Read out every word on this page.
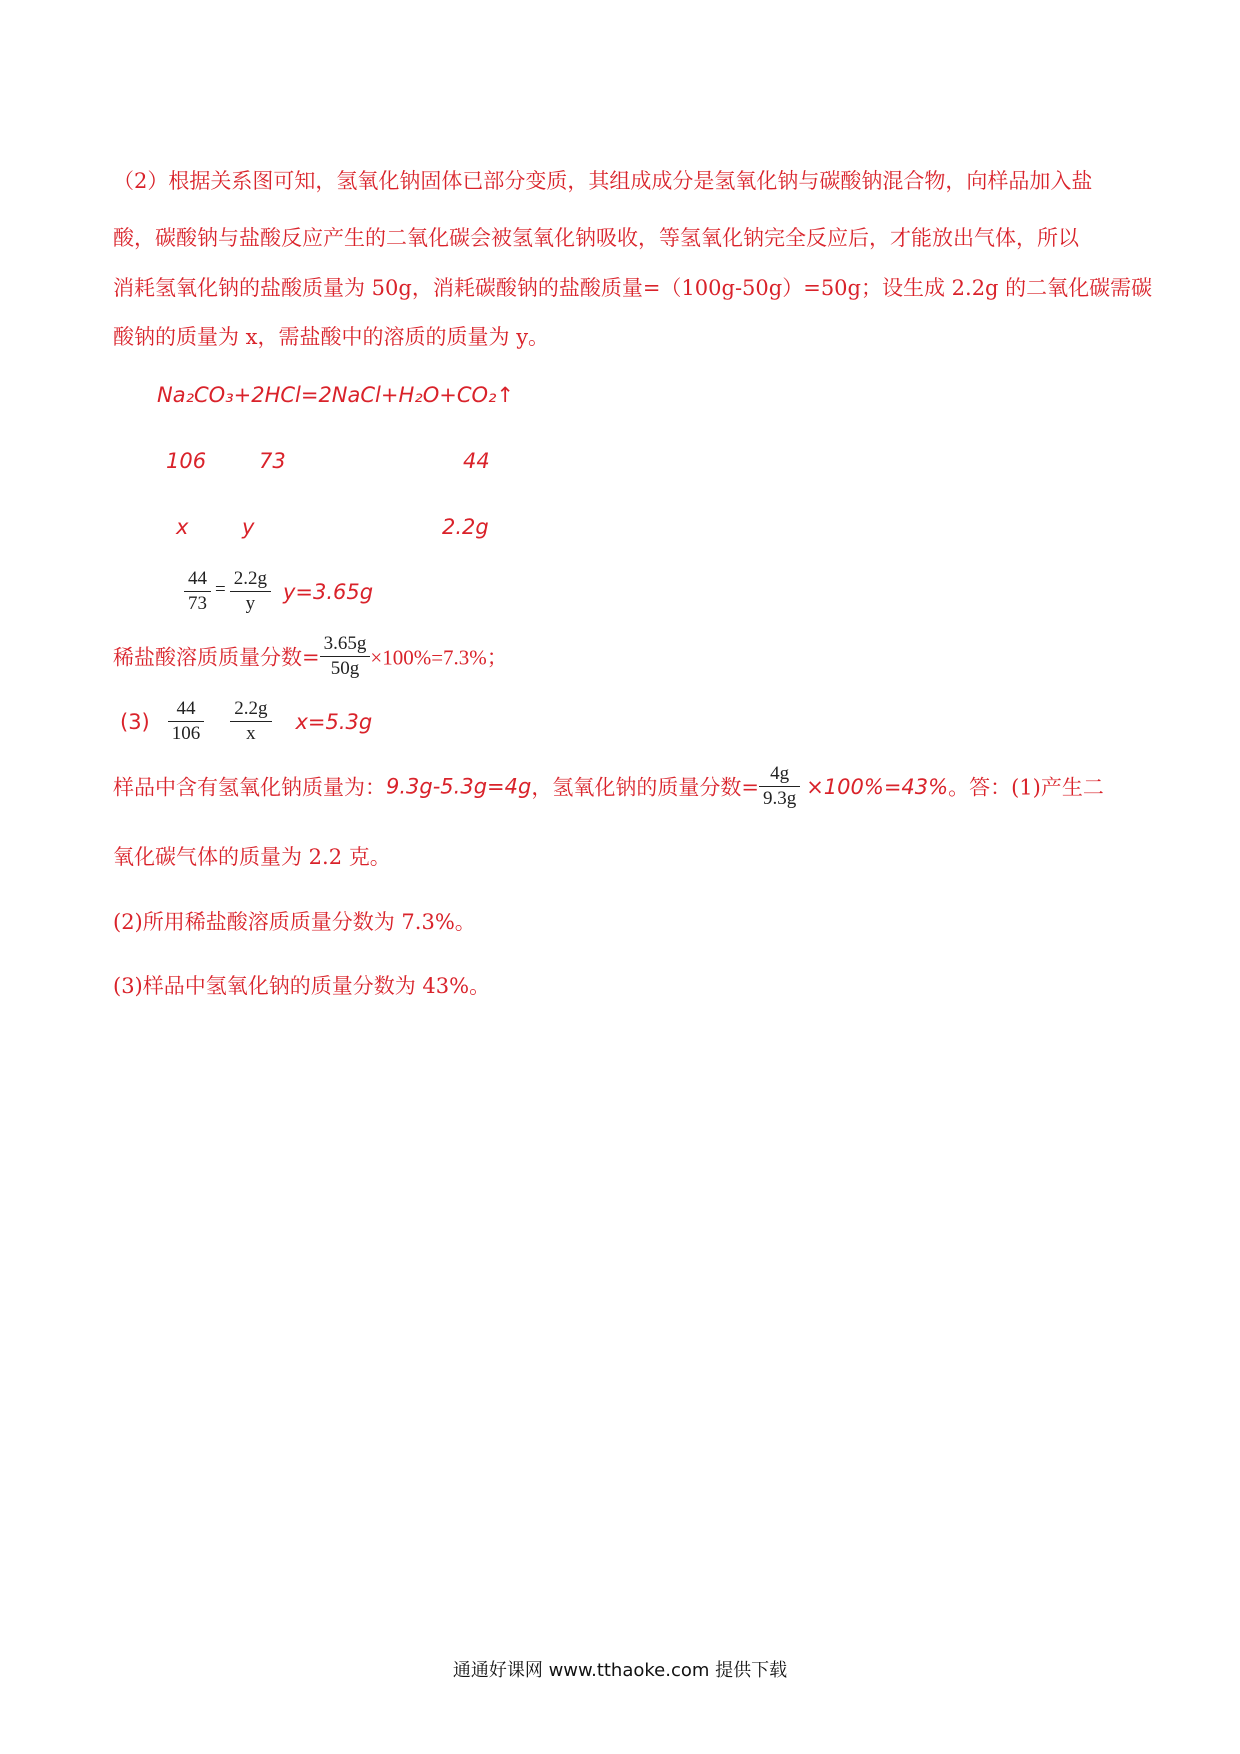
（2）根据关系图可知，氢氧化钠固体已部分变质，其组成成分是氢氧化钠与碳酸钠混合物，向样品加入盐
酸，碳酸钠与盐酸反应产生的二氧化碳会被氢氧化钠吸收，等氢氧化钠完全反应后，才能放出气体，所以
消耗氢氧化钠的盐酸质量为 50g，消耗碳酸钠的盐酸质量=（100g-50g）=50g；设生成 2.2g 的二氧化碳需碳
酸钠的质量为 x，需盐酸中的溶质的质量为 y。
Na₂CO₃+2HCl=2NaCl+H₂O+CO₂↑
106	73	44
x	y	2.2g
$\frac{44}{73} = \frac{2.2g}{y} y=3.65g$
稀盐酸溶质质量分数= $\frac{3.65g}{50g} \times 100\%=7.3\%$；
$(3) \frac{44}{106}$
$\frac{2.2g}{x} x=5.3g$
样品中含有氢氧化钠质量为：9.3g-5.3g=4g，氢氧化钠的质量分数= $\frac{4g}{9.3g} \times 100\%=43\%$。答：(1)产生二
氧化碳气体的质量为 2.2 克。
(2)所用稀盐酸溶质质量分数为 7.3%。
(3)样品中氢氧化钠的质量分数为 43%。
通通好课网 www.tthaoke.com 提供下载
